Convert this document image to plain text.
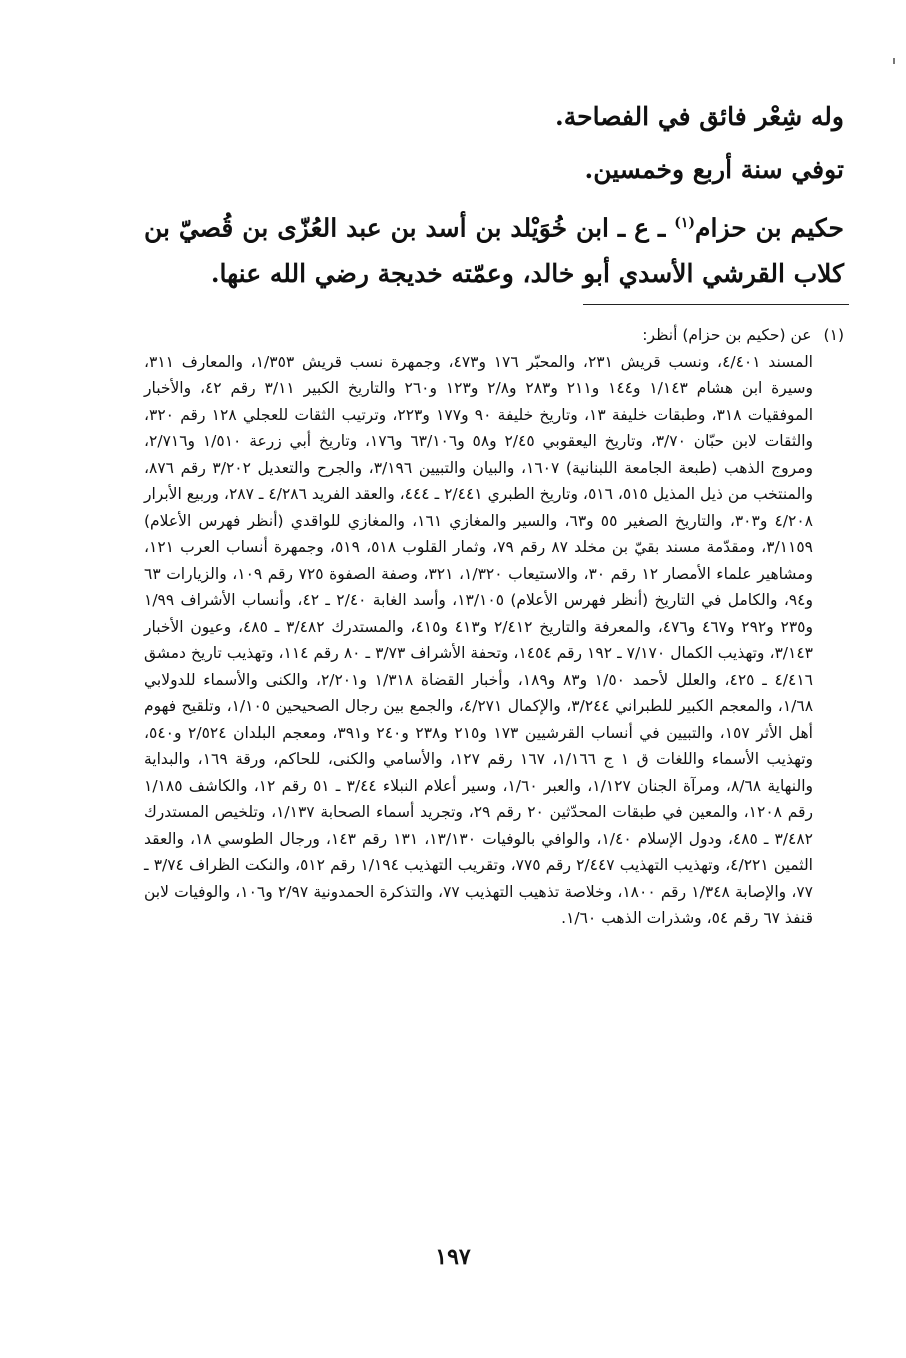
وله شِعْر فائق في الفصاحة.
توفي سنة أربع وخمسين.
حكيم بن حزام$^{(١)}$ ـ ع ـ ابن خُوَيْلد بن أسد بن عبد العُزّى بن قُصيّ بن كلاب القرشي الأسدي أبو خالد، وعمّته خديجة رضي الله عنها.
(١)عن (حكيم بن حزام) أنظر:
المسند ٤/٤٠١، ونسب قريش ٢٣١، والمحبّر ١٧٦ و٤٧٣، وجمهرة نسب قريش ١/٣٥٣، والمعارف ٣١١، وسيرة ابن هشام ١/١٤٣ و١٤٤ و٢١١ و٢٨٣ و٢/٨ و١٢٣ و٢٦٠ والتاريخ الكبير ٣/١١ رقم ٤٢، والأخبار الموفقيات ٣١٨، وطبقات خليفة ١٣، وتاريخ خليفة ٩٠ و١٧٧ و٢٢٣، وترتيب الثقات للعجلي ١٢٨ رقم ٣٢٠، والثقات لابن حبّان ٣/٧٠، وتاريخ اليعقوبي ٢/٤٥ و٥٨ و٦٣/١٠٦ و١٧٦، وتاريخ أبي زرعة ١/٥١٠ و٢/٧١٦، ومروج الذهب (طبعة الجامعة اللبنانية) ١٦٠٧، والبيان والتبيين ٣/١٩٦، والجرح والتعديل ٣/٢٠٢ رقم ٨٧٦، والمنتخب من ذيل المذيل ٥١٥، ٥١٦، وتاريخ الطبري ٢/٤٤١ ـ ٤٤٤، والعقد الفريد ٤/٢٨٦ ـ ٢٨٧، وربيع الأبرار ٤/٢٠٨ و٣٠٣، والتاريخ الصغير ٥٥ و٦٣، والسير والمغازي ١٦١، والمغازي للواقدي (أنظر فهرس الأعلام) ٣/١١٥٩، ومقدّمة مسند بقيّ بن مخلد ٨٧ رقم ٧٩، وثمار القلوب ٥١٨، ٥١٩، وجمهرة أنساب العرب ١٢١، ومشاهير علماء الأمصار ١٢ رقم ٣٠، والاستيعاب ١/٣٢٠، ٣٢١، وصفة الصفوة ٧٢٥ رقم ١٠٩، والزيارات ٦٣ و٩٤، والكامل في التاريخ (أنظر فهرس الأعلام) ١٣/١٠٥، وأسد الغابة ٢/٤٠ ـ ٤٢، وأنساب الأشراف ١/٩٩ و٢٣٥ و٢٩٢ و٤٦٧ و٤٧٦، والمعرفة والتاريخ ٢/٤١٢ و٤١٣ و٤١٥، والمستدرك ٣/٤٨٢ ـ ٤٨٥، وعيون الأخبار ٣/١٤٣، وتهذيب الكمال ٧/١٧٠ ـ ١٩٢ رقم ١٤٥٤، وتحفة الأشراف ٣/٧٣ ـ ٨٠ رقم ١١٤، وتهذيب تاريخ دمشق ٤/٤١٦ ـ ٤٢٥، والعلل لأحمد ١/٥٠ و٨٣ و١٨٩، وأخبار القضاة ١/٣١٨ و٢/٢٠١، والكنى والأسماء للدولابي ١/٦٨، والمعجم الكبير للطبراني ٣/٢٤٤، والإكمال ٤/٢٧١، والجمع بين رجال الصحيحين ١/١٠٥، وتلقيح فهوم أهل الأثر ١٥٧، والتبيين في أنساب القرشيين ١٧٣ و٢١٥ و٢٣٨ و٢٤٠ و٣٩١، ومعجم البلدان ٢/٥٢٤ و٥٤٠، وتهذيب الأسماء واللغات ق ١ ج ١/١٦٦، ١٦٧ رقم ١٢٧، والأسامي والكنى، للحاكم، ورقة ١٦٩، والبداية والنهاية ٨/٦٨، ومرآة الجنان ١/١٢٧، والعبر ١/٦٠، وسير أعلام النبلاء ٣/٤٤ ـ ٥١ رقم ١٢، والكاشف ١/١٨٥ رقم ١٢٠٨، والمعين في طبقات المحدّثين ٢٠ رقم ٢٩، وتجريد أسماء الصحابة ١/١٣٧، وتلخيص المستدرك ٣/٤٨٢ ـ ٤٨٥، ودول الإسلام ١/٤٠، والوافي بالوفيات ١٣/١٣٠، ١٣١ رقم ١٤٣، ورجال الطوسي ١٨، والعقد الثمين ٤/٢٢١، وتهذيب التهذيب ٢/٤٤٧ رقم ٧٧٥، وتقريب التهذيب ١/١٩٤ رقم ٥١٢، والنكت الظراف ٣/٧٤ ـ ٧٧، والإصابة ١/٣٤٨ رقم ١٨٠٠، وخلاصة تذهيب التهذيب ٧٧، والتذكرة الحمدونية ٢/٩٧ و١٠٦، والوفيات لابن قنفذ ٦٧ رقم ٥٤، وشذرات الذهب ١/٦٠.
١٩٧
